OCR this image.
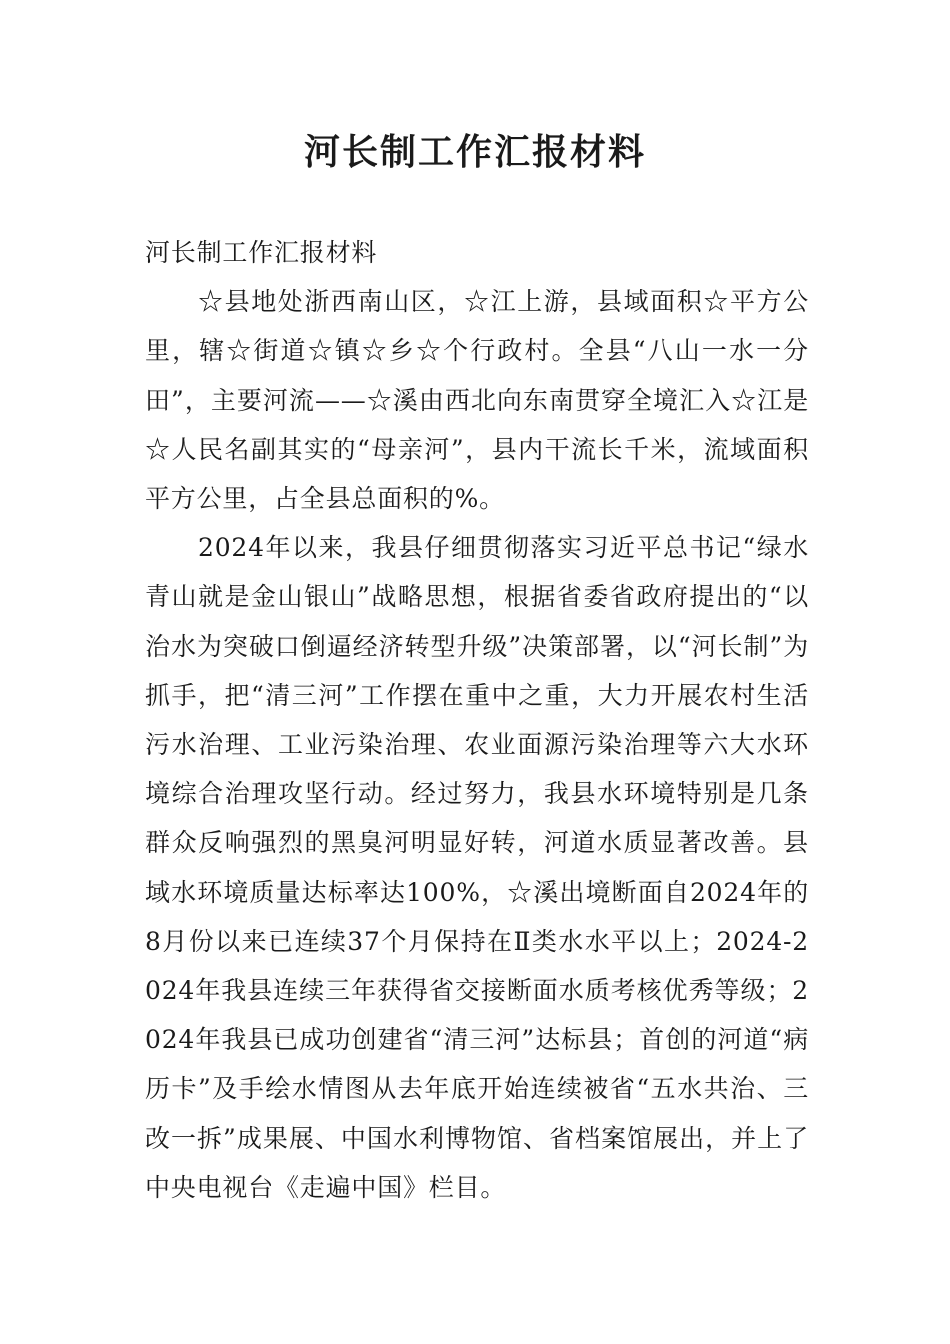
河长制工作汇报材料

河长制工作汇报材料

☆县地处浙西南山区，☆江上游，县域面积☆平方公里，辖☆街道☆镇☆乡☆个行政村。全县“八山一水一分田”，主要河流——☆溪由西北向东南贯穿全境汇入☆江是☆人民名副其实的“母亲河”，县内干流长千米，流域面积平方公里，占全县总面积的%。

2024年以来，我县仔细贯彻落实习近平总书记“绿水青山就是金山银山”战略思想，根据省委省政府提出的“以治水为突破口倒逼经济转型升级”决策部署，以“河长制”为抓手，把“清三河”工作摆在重中之重，大力开展农村生活污水治理、工业污染治理、农业面源污染治理等六大水环境综合治理攻坚行动。经过努力，我县水环境特别是几条群众反响强烈的黑臭河明显好转，河道水质显著改善。县域水环境质量达标率达100%，☆溪出境断面自2024年的8月份以来已连续37个月保持在Ⅱ类水水平以上；2024-2024年我县连续三年获得省交接断面水质考核优秀等级；2024年我县已成功创建省“清三河”达标县；首创的河道“病历卡”及手绘水情图从去年底开始连续被省“五水共治、三改一拆”成果展、中国水利博物馆、省档案馆展出，并上了中央电视台《走遍中国》栏目。
